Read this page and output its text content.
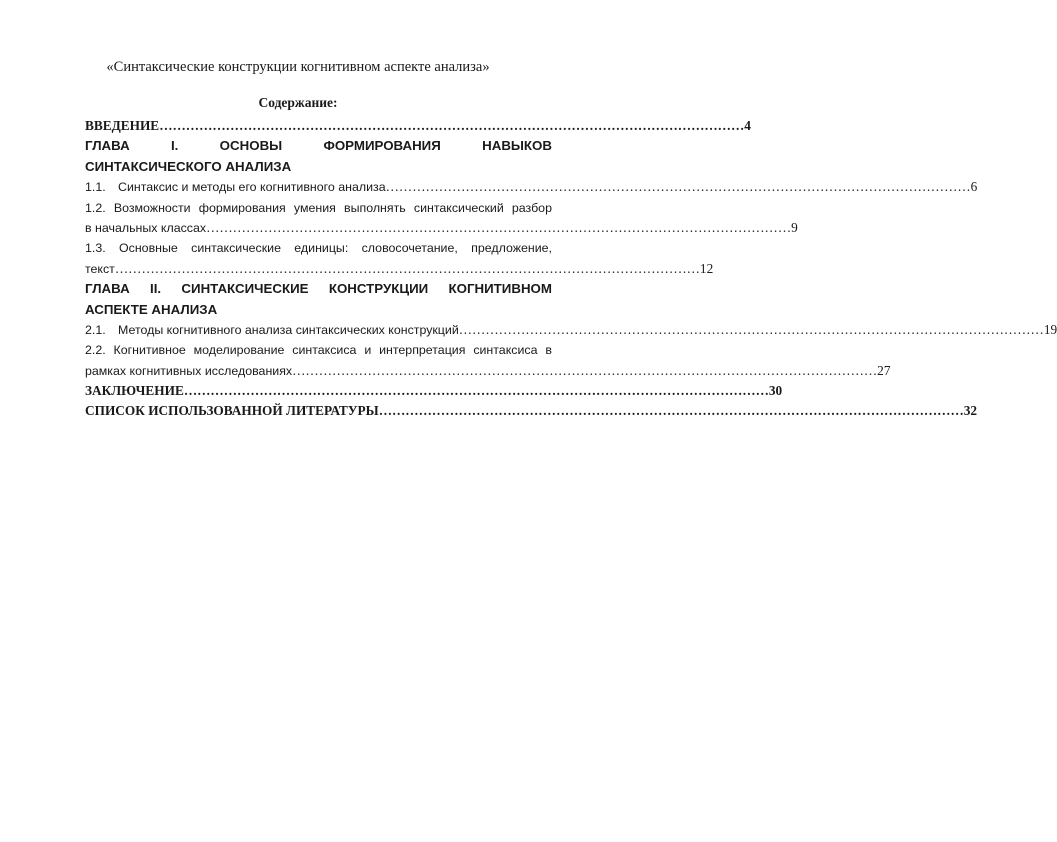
«Синтаксические конструкции когнитивном аспекте анализа»
Содержание:
ВВЕДЕНИЕ …………………………………………………………………………………………………………………… 4
ГЛАВА	I.	ОСНОВЫ	ФОРМИРОВАНИЯ	НАВЫКОВ
СИНТАКСИЧЕСКОГО АНАЛИЗА
1.1. Синтаксис и методы его когнитивного анализа …………………………………………………………………………………………………………………… 6
1.2. Возможности формирования умения выполнять синтаксический разбор
в начальных классах …………………………………………………………………………………………………………………… 9
1.3. Основные синтаксические единицы: словосочетание, предложение,
текст …………………………………………………………………………………………………………………… 12
ГЛАВА II. СИНТАКСИЧЕСКИЕ КОНСТРУКЦИИ КОГНИТИВНОМ
АСПЕКТЕ АНАЛИЗА
2.1. Методы когнитивного анализа синтаксических конструкций …………………………………………………………………………………………………………………… 19
2.2. Когнитивное моделирование синтаксиса и интерпретация синтаксиса в
рамках когнитивных исследованиях …………………………………………………………………………………………………………………… 27
ЗАКЛЮЧЕНИЕ …………………………………………………………………………………………………………………… 30
СПИСОК ИСПОЛЬЗОВАННОЙ ЛИТЕРАТУРЫ …………………………………………………………………………………………………………………… 32
